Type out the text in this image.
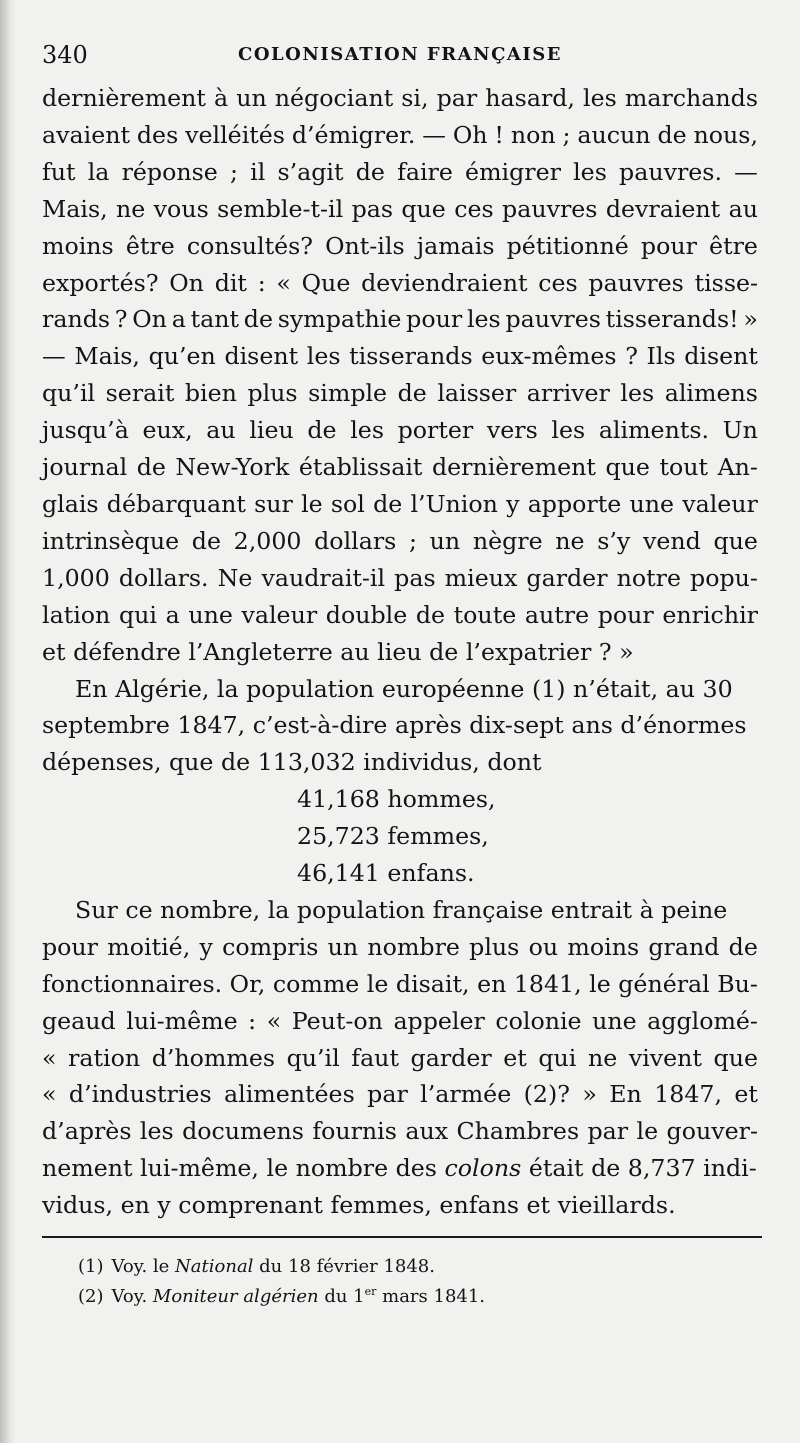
340	COLONISATION FRANÇAISE
dernièrement à un négociant si, par hasard, les marchands
avaient des velléités d’émigrer. — Oh ! non ; aucun de nous,
fut la réponse ; il s’agit de faire émigrer les pauvres. —
Mais, ne vous semble-t-il pas que ces pauvres devraient au
moins être consultés? Ont-ils jamais pétitionné pour être
exportés? On dit : « Que deviendraient ces pauvres tisse-
rands ? On a tant de sympathie pour les pauvres tisserands! »
— Mais, qu’en disent les tisserands eux-mêmes ? Ils disent
qu’il serait bien plus simple de laisser arriver les alimens
jusqu’à eux, au lieu de les porter vers les aliments. Un
journal de New-York établissait dernièrement que tout An-
glais débarquant sur le sol de l’Union y apporte une valeur
intrinsèque de 2,000 dollars ; un nègre ne s’y vend que
1,000 dollars. Ne vaudrait-il pas mieux garder notre popu-
lation qui a une valeur double de toute autre pour enrichir
et défendre l’Angleterre au lieu de l’expatrier ? »
En Algérie, la population européenne (1) n’était, au 30
septembre 1847, c’est-à-dire après dix-sept ans d’énormes
dépenses, que de 113,032 individus, dont
41,168 hommes,
25,723 femmes,
46,141 enfans.
Sur ce nombre, la population française entrait à peine
pour moitié, y compris un nombre plus ou moins grand de
fonctionnaires. Or, comme le disait, en 1841, le général Bu-
geaud lui-même : « Peut-on appeler colonie une agglomé-
« ration d’hommes qu’il faut garder et qui ne vivent que
« d’industries alimentées par l’armée (2)? » En 1847, et
d’après les documens fournis aux Chambres par le gouver-
nement lui-même, le nombre des colons était de 8,737 indi-
vidus, en y comprenant femmes, enfans et vieillards.
(1) Voy. le National du 18 février 1848.
(2) Voy. Moniteur algérien du 1er mars 1841.
